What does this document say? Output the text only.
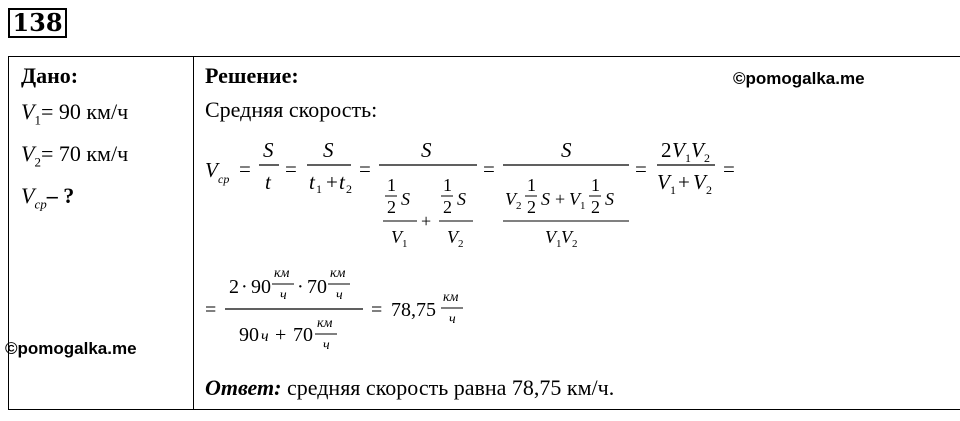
138
Дано:
$V_1= 90$ км/ч
$V_2= 70$ км/ч
$V_{ср}-$ ?
Решение:
Средняя скорость:
©pomogalka.me
©pomogalka.me
V ср =
S
t
=
S
t 1 + t 2
=
S
1
2 S
V 1
+
1
2 S
V 2
=
S
V 2
1
2 S + V 1
1
2 S
V 1 V 2
=
2 V 1 V 2
V 1 + V 2
=
=
2 · 90
км
ч · 70
км
ч
90 ч + 70
км
ч
= 78,75
км
ч
Ответ: средняя скорость равна 78,75 км/ч.
